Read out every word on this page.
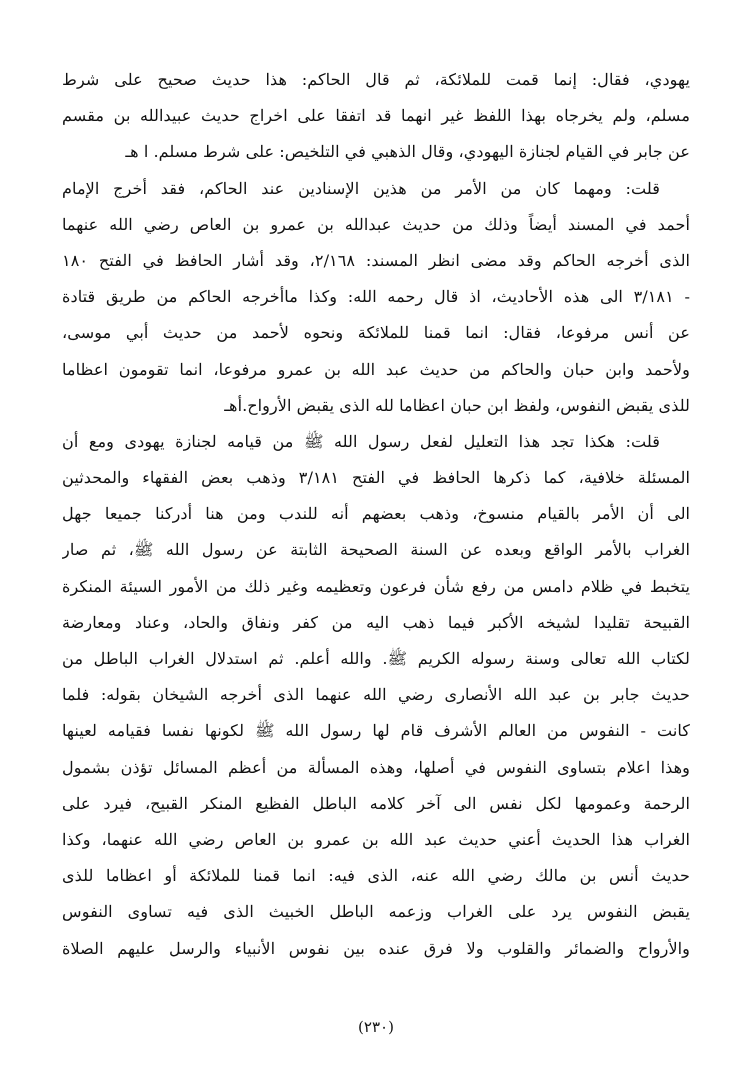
يهودي، فقال: إنما قمت للملائكة، ثم قال الحاكم: هذا حديث صحيح على شرط
مسلم، ولم يخرجاه بهذا اللفظ غير انهما قد اتفقا على اخراج حديث عبيدالله بن مقسم
عن جابر في القيام لجنازة اليهودي، وقال الذهبي في التلخيص: على شرط مسلم. ا هـ
قلت: ومهما كان من الأمر من هذين الإسنادين عند الحاكم، فقد أخرج الإمام
أحمد في المسند أيضاً وذلك من حديث عبدالله بن عمرو بن العاص رضي الله عنهما
الذى أخرجه الحاكم وقد مضى انظر المسند: ٢/١٦٨، وقد أشار الحافظ في الفتح ١٨٠
- ٣/١٨١ الى هذه الأحاديث، اذ قال رحمه الله: وكذا ماأخرجه الحاكم من طريق قتادة
عن أنس مرفوعا، فقال: انما قمنا للملائكة ونحوه لأحمد من حديث أبي موسى،
ولأحمد وابن حبان والحاكم من حديث عبد الله بن عمرو مرفوعا، انما تقومون اعظاما
للذى يقبض النفوس، ولفظ ابن حبان اعظاما لله الذى يقبض الأرواح.أهـ
قلت: هكذا تجد هذا التعليل لفعل رسول الله ﷺ من قيامه لجنازة يهودى ومع أن
المسئلة خلافية، كما ذكرها الحافظ في الفتح ٣/١٨١ وذهب بعض الفقهاء والمحدثين
الى أن الأمر بالقيام منسوخ، وذهب بعضهم أنه للندب ومن هنا أدركنا جميعا جهل
الغراب بالأمر الواقع وبعده عن السنة الصحيحة الثابتة عن رسول الله ﷺ، ثم صار
يتخبط في ظلام دامس من رفع شأن فرعون وتعظيمه وغير ذلك من الأمور السيئة المنكرة
القبيحة تقليدا لشيخه الأكبر فيما ذهب اليه من كفر ونفاق والحاد، وعناد ومعارضة
لكتاب الله تعالى وسنة رسوله الكريم ﷺ. والله أعلم. ثم استدلال الغراب الباطل من
حديث جابر بن عبد الله الأنصارى رضي الله عنهما الذى أخرجه الشيخان بقوله: فلما
كانت - النفوس من العالم الأشرف قام لها رسول الله ﷺ لكونها نفسا فقيامه لعينها
وهذا اعلام بتساوى النفوس في أصلها، وهذه المسألة من أعظم المسائل تؤذن بشمول
الرحمة وعمومها لكل نفس الى آخر كلامه الباطل الفظيع المنكر القبيح، فيرد على
الغراب هذا الحديث أعني حديث عبد الله بن عمرو بن العاص رضي الله عنهما، وكذا
حديث أنس بن مالك رضي الله عنه، الذى فيه: انما قمنا للملائكة أو اعظاما للذى
يقبض النفوس يرد على الغراب وزعمه الباطل الخبيث الذى فيه تساوى النفوس
والأرواح والضمائر والقلوب ولا فرق عنده بين نفوس الأنبياء والرسل عليهم الصلاة
(٢٣٠)
